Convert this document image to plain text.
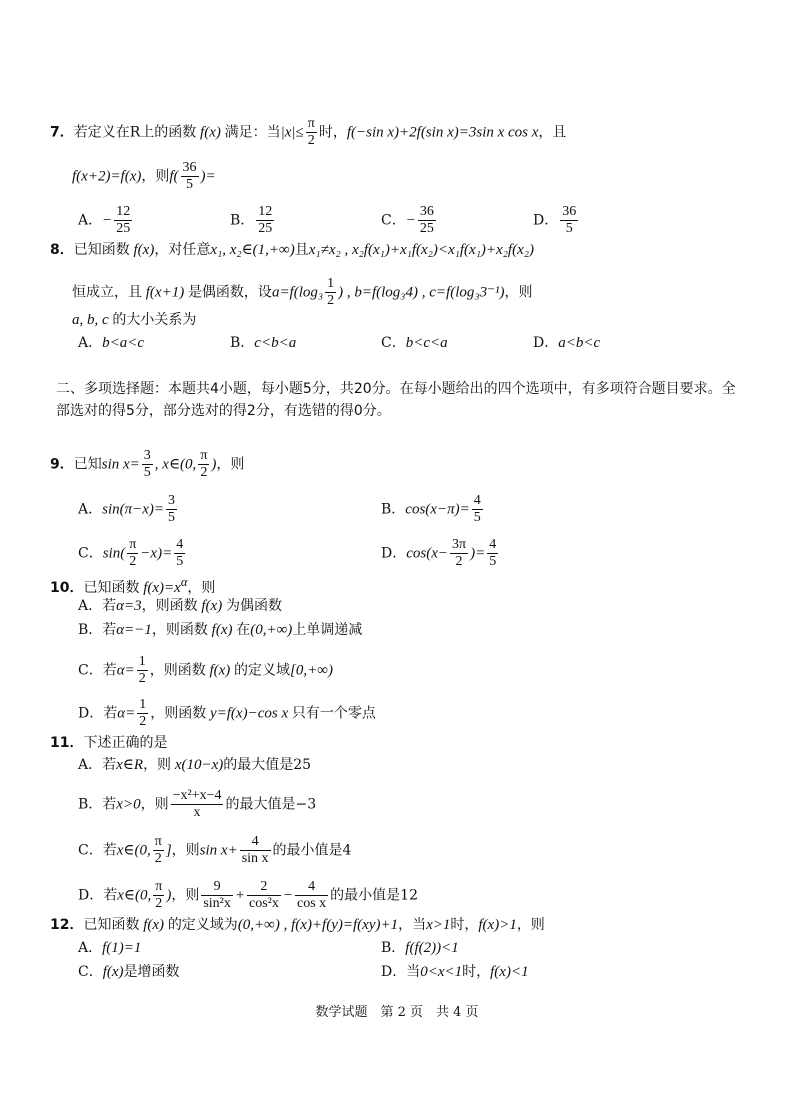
7．若定义在R上的函数 f(x) 满足：当$|x|\le \frac{\pi}{2}$ 时，f(−sin x)+2f(sin x)=3sin x cos x，且
f(x+2)=f(x)，则$f( \frac{36}{5}$ )=
A．− $\frac{12}{25}$	B． $\frac{12}{25}$	C．− $\frac{36}{25}$	D． $\frac{36}{5}$
8．已知函数 f(x)，对任意x₁, x₂∈(1,+∞)且x₁≠x₂ , x₂f(x₁)+x₁f(x₂)<x₁f(x₁)+x₂f(x₂)
恒成立，且 f(x+1) 是偶函数，设$a=f(\log_3 \frac{1}{2}$ ) , b=f(log₃4) , c=f(log₃3⁻¹)，则
a, b, c 的大小关系为
A．b<a<c	B．c<b<a	C．b<c<a	D．a<b<c
二、多项选择题：本题共4小题，每小题5分，共20分。在每小题给出的四个选项中，有多项符合题目要求。全部选对的得5分，部分选对的得2分，有选错的得0分。
9．已知$\sin x= \frac{3}{5}$ , x∈(0, $\frac{\pi}{2}$ )，则
A．$\sin(\pi-x)= \frac{3}{5}$	B．$\cos(x-\pi)= \frac{4}{5}$
C．$\sin( \frac{\pi}{2} -x)= \frac{4}{5}$	D．$\cos(x- \frac{3\pi}{2}$ )= $\frac{4}{5}$
10．已知函数 $f(x)=x^\alpha$，则
A．若α=3，则函数 f(x) 为偶函数
B．若α=−1，则函数 f(x) 在(0,+∞)上单调递减
C．若$\alpha= \frac{1}{2}$ ，则函数 f(x) 的定义域[0,+∞)
D．若$\alpha= \frac{1}{2}$ ，则函数 y=f(x)−cos x 只有一个零点
11．下述正确的是
A．若x∈R，则 x(10−x)的最大值是25
B．若x>0，则 $\frac{\text{−x²+x−4}}{x}$ 的最大值是−3
C．若x∈(0, $\frac{\pi}{2}$ ]，则$\sin x+ \frac{4}{\text{sin x}}$ 的最小值是4
D．若x∈(0, $\frac{\pi}{2}$ )，则 $\frac{9}{\text{sin²x}} + \frac{2}{\text{cos²x}} - \frac{4}{\text{cos x}}$ 的最小值是12
12．已知函数 f(x) 的定义域为(0,+∞) , f(x)+f(y)=f(xy)+1，当x>1时，f(x)>1，则
A．f(1)=1	B．f(f(2))<1
C．f(x)是增函数	D．当0<x<1时，f(x)<1
数学试题　第 2 页　共 4 页
